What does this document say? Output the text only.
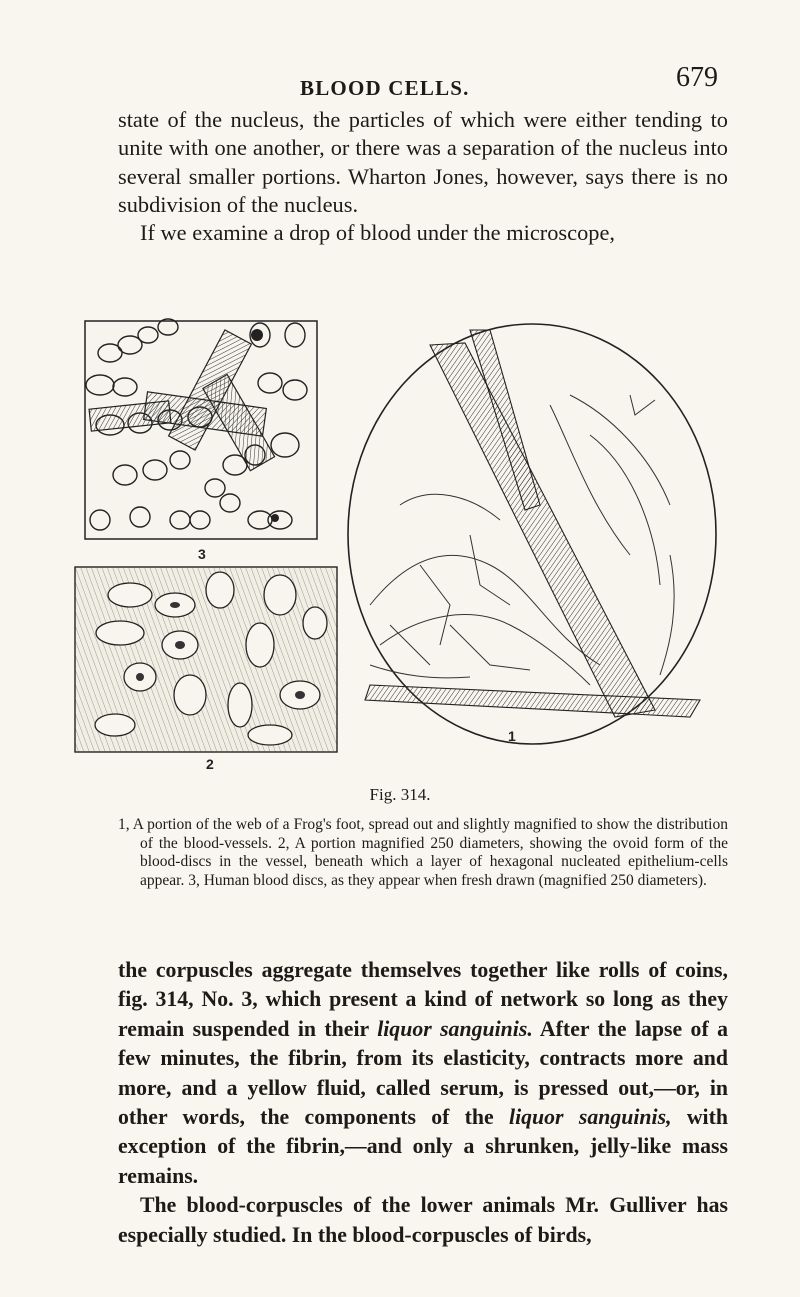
BLOOD CELLS.	679

state of the nucleus, the particles of which were either tending to unite with one another, or there was a separation of the nucleus into several smaller portions. Wharton Jones, however, says there is no subdivision of the nucleus.

If we examine a drop of blood under the microscope,

3
2
1
Fig. 314.

1, A portion of the web of a Frog's foot, spread out and slightly magnified to show the distribution of the blood-vessels. 2, A portion magnified 250 diameters, showing the ovoid form of the blood-discs in the vessel, beneath which a layer of hexagonal nucleated epithelium-cells appear. 3, Human blood discs, as they appear when fresh drawn (magnified 250 diameters).

the corpuscles aggregate themselves together like rolls of coins, fig. 314, No. 3, which present a kind of network so long as they remain suspended in their liquor sanguinis. After the lapse of a few minutes, the fibrin, from its elasticity, contracts more and more, and a yellow fluid, called serum, is pressed out,—or, in other words, the components of the liquor sanguinis, with exception of the fibrin,—and only a shrunken, jelly-like mass remains.

The blood-corpuscles of the lower animals Mr. Gulliver has especially studied. In the blood-corpuscles of birds,
